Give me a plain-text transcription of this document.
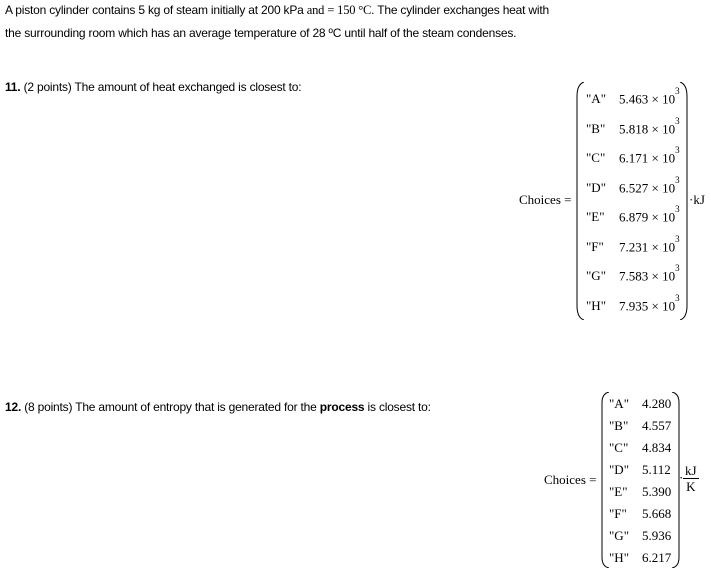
A piston cylinder contains 5 kg of steam initially at 200 kPa and = 150 °C. The cylinder exchanges heat with
the surrounding room which has an average temperature of 28 ºC until half of the steam condenses.
11. (2 points) The amount of heat exchanged is closest to:
Choices =
"A" $5.463 \times 10^3$
"B" $5.818 \times 10^3$
"C" $6.171 \times 10^3$
"D" $6.527 \times 10^3$
"E" $6.879 \times 10^3$
"F" $7.231 \times 10^3$
"G" $7.583 \times 10^3$
"H" $7.935 \times 10^3$
·kJ
12. (8 points) The amount of entropy that is generated for the process is closest to:
Choices =
"A" 4.280
"B" 4.557
"C" 4.834
"D" 5.112
"E" 5.390
"F" 5.668
"G" 5.936
"H" 6.217
· $\frac{kJ}{K}$
